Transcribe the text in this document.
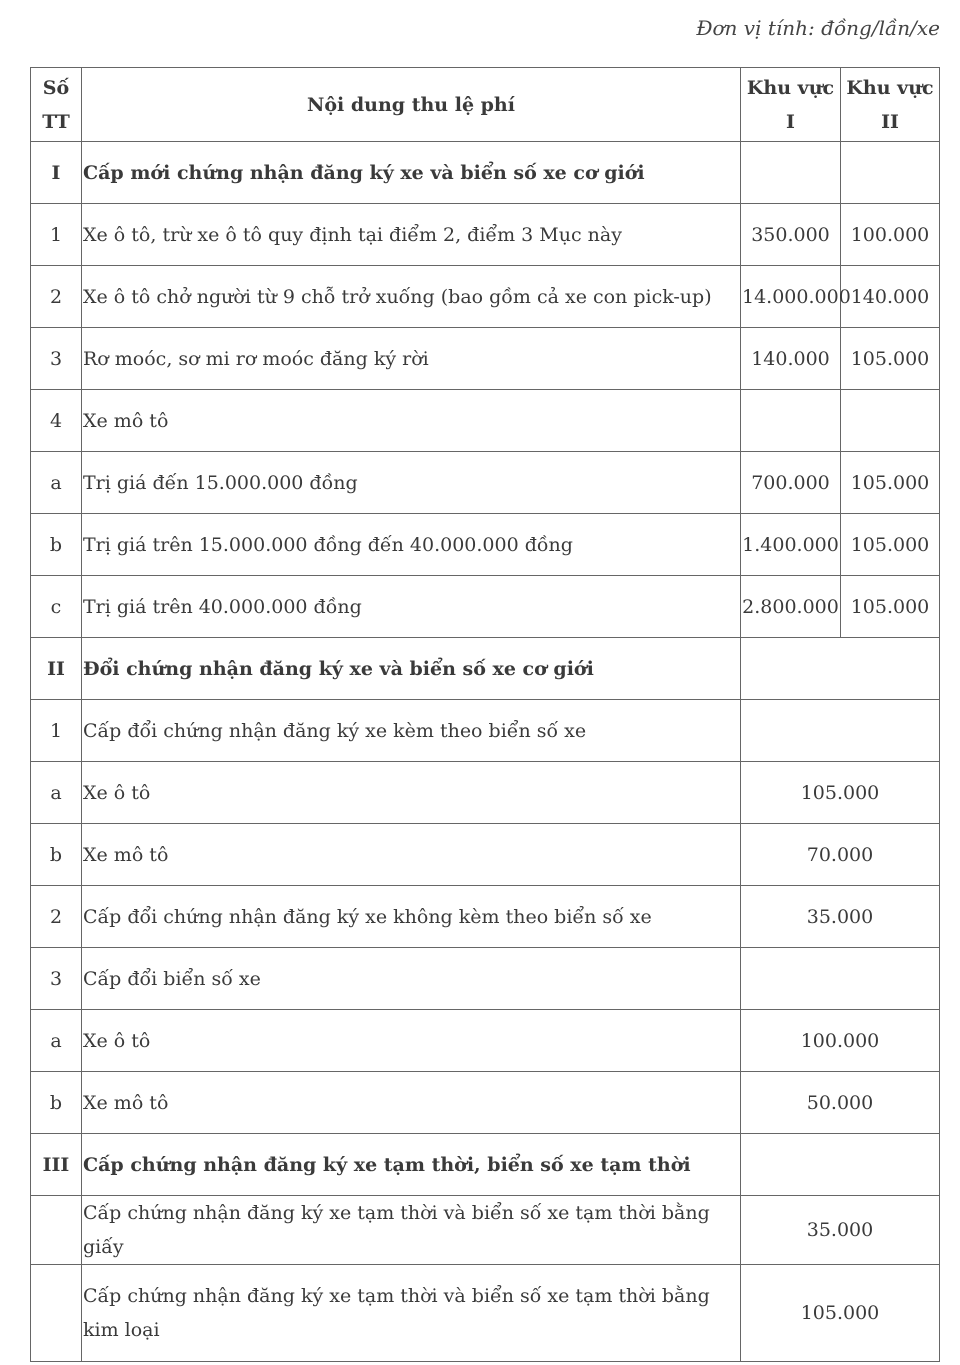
Đơn vị tính: đồng/lần/xe
Số TT	Nội dung thu lệ phí	Khu vực I	Khu vực II
I	Cấp mới chứng nhận đăng ký xe và biển số xe cơ giới		
1	Xe ô tô, trừ xe ô tô quy định tại điểm 2, điểm 3 Mục này	350.000	100.000
2	Xe ô tô chở người từ 9 chỗ trở xuống (bao gồm cả xe con pick-up)	14.000.000	140.000
3	Rơ moóc, sơ mi rơ moóc đăng ký rời	140.000	105.000
4	Xe mô tô		
a	Trị giá đến 15.000.000 đồng	700.000	105.000
b	Trị giá trên 15.000.000 đồng đến 40.000.000 đồng	1.400.000	105.000
c	Trị giá trên 40.000.000 đồng	2.800.000	105.000
II	Đổi chứng nhận đăng ký xe và biển số xe cơ giới		
1	Cấp đổi chứng nhận đăng ký xe kèm theo biển số xe		
a	Xe ô tô	105.000	
b	Xe mô tô	70.000	
2	Cấp đổi chứng nhận đăng ký xe không kèm theo biển số xe	35.000	
3	Cấp đổi biển số xe		
a	Xe ô tô	100.000	
b	Xe mô tô	50.000	
III	Cấp chứng nhận đăng ký xe tạm thời, biển số xe tạm thời		
	Cấp chứng nhận đăng ký xe tạm thời và biển số xe tạm thời bằng giấy	35.000	
	Cấp chứng nhận đăng ký xe tạm thời và biển số xe tạm thời bằng kim loại	105.000	
